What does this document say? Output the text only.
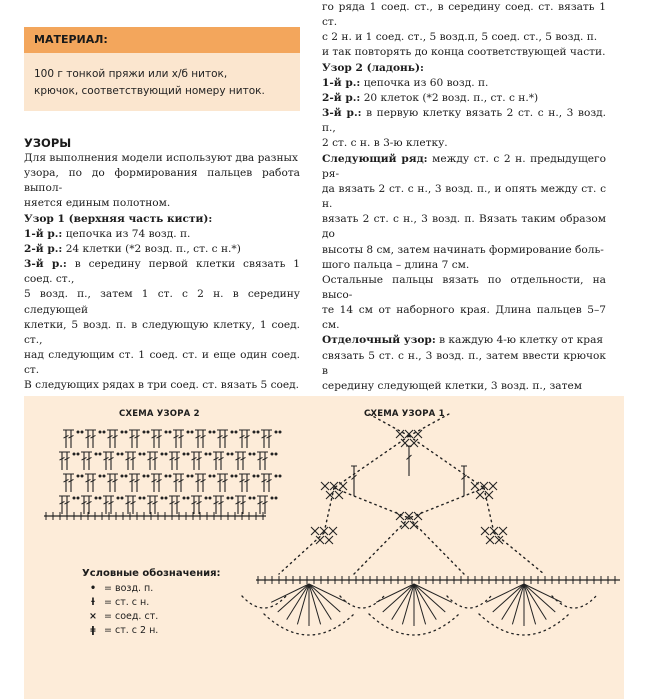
МАТЕРИАЛ:
100 г тонкой пряжи или х/б ниток,
крючок, соответствующий номеру ниток.

УЗОРЫ

Для выполнения модели используют два разных

узора, по до формирования пальцев работа выпол-

няется единым полотном.

Узор 1 (верхняя часть кисти):

1-й р.: цепочка из 74 возд. п.

2-й р.: 24 клетки (*2 возд. п., ст. с н.*)

3-й р.: в середину первой клетки связать 1 соед. ст.,

5 возд. п., затем 1 ст. с 2 н. в середину следующей

клетки, 5 возд. п. в следующую клетку, 1 соед. ст.,

над следующим ст. 1 соед. ст. и еще один соед. ст.

В следующих рядах в три соед. ст. вязать 5 соед.

го ряда 1 соед. ст., в середину соед. ст. вязать 1 ст.

с 2 н. и 1 соед. ст., 5 возд.п, 5 соед. ст., 5 возд. п.

и так повторять до конца соответствующей части.

Узор 2 (ладонь):

1-й р.: цепочка из 60 возд. п.

2-й р.: 20 клеток (*2 возд. п., ст. с н.*)

3-й р.: в первую клетку вязать 2 ст. с н., 3 возд. п.,

2 ст. с н. в 3-ю клетку.

Следующий ряд: между ст. с 2 н. предыдущего ря-

да вязать 2 ст. с н., 3 возд. п., и опять между ст. с н.

вязать 2 ст. с н., 3 возд. п. Вязать таким образом до

высоты 8 см, затем начинать формирование боль-

шого пальца – длина 7 см.

Остальные пальцы вязать по отдельности, на высо-

те 14 см от наборного края. Длина пальцев 5–7 см.

Отделочный узор: в каждую 4-ю клетку от края

связать 5 ст. с н., 3 возд. п., затем ввести крючок в

середину следующей клетки, 3 возд. п., затем

СХЕМА УЗОРА 2	СХЕМА УЗОРА 1
Условные обозначения:
• = возд. п.
ƚ = ст. с н.
× = соед. ст.
ǂ = ст. с 2 н.
